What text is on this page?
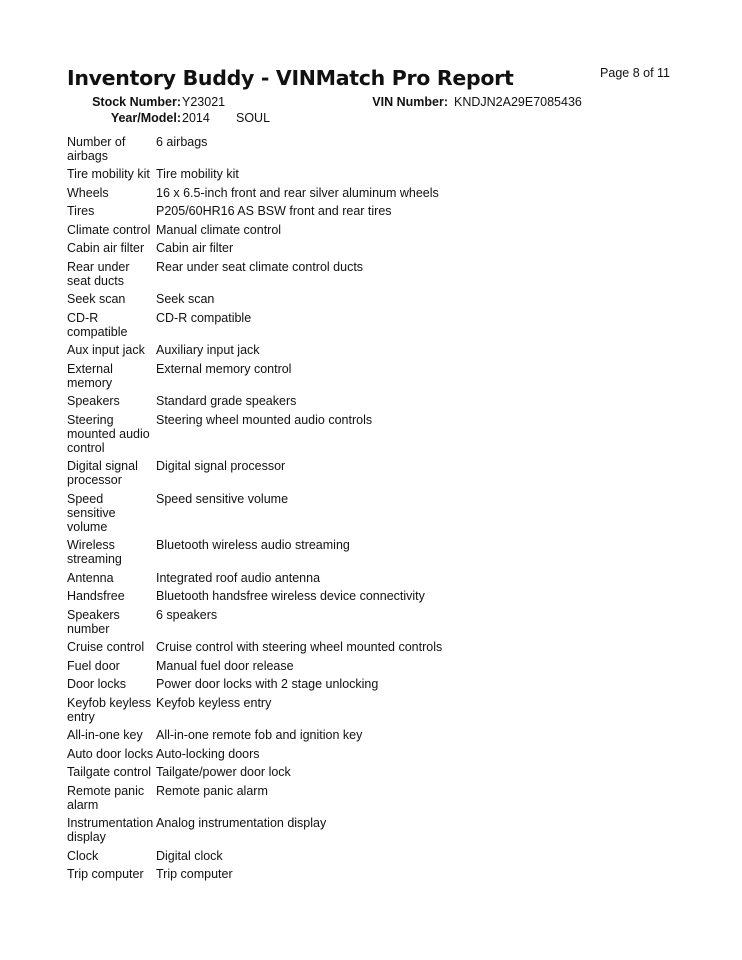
Inventory Buddy - VINMatch Pro Report	Page 8 of 11
Stock Number: Y23021	VIN Number: KNDJN2A29E7085436
Year/Model: 2014 SOUL
Number of airbags	6 airbags
Tire mobility kit	Tire mobility kit
Wheels	16 x 6.5-inch front and rear silver aluminum wheels
Tires	P205/60HR16 AS BSW front and rear tires
Climate control	Manual climate control
Cabin air filter	Cabin air filter
Rear under seat ducts	Rear under seat climate control ducts
Seek scan	Seek scan
CD-R compatible	CD-R compatible
Aux input jack	Auxiliary input jack
External memory	External memory control
Speakers	Standard grade speakers
Steering mounted audio control	Steering wheel mounted audio controls
Digital signal processor	Digital signal processor
Speed sensitive volume	Speed sensitive volume
Wireless streaming	Bluetooth wireless audio streaming
Antenna	Integrated roof audio antenna
Handsfree	Bluetooth handsfree wireless device connectivity
Speakers number	6 speakers
Cruise control	Cruise control with steering wheel mounted controls
Fuel door	Manual fuel door release
Door locks	Power door locks with 2 stage unlocking
Keyfob keyless entry	Keyfob keyless entry
All-in-one key	All-in-one remote fob and ignition key
Auto door locks	Auto-locking doors
Tailgate control	Tailgate/power door lock
Remote panic alarm	Remote panic alarm
Instrumentation display	Analog instrumentation display
Clock	Digital clock
Trip computer	Trip computer
